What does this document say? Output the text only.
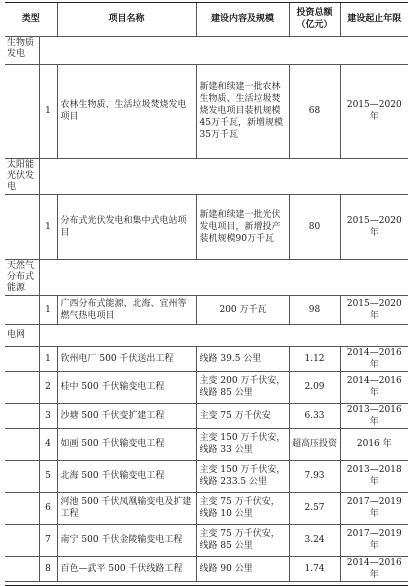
类型		项目名称	建设内容及规模	投资总额（亿元）	建设起止年限
生物质发电					
	1	农林生物质、生活垃圾焚烧发电项目	新建和续建一批农林生物质、生活垃圾焚烧发电项目装机规模45万千瓦，新增规模35万千瓦	68	2015—2020 年
太阳能光伏发电					
	1	分布式光伏发电和集中式电站项目	新建和续建一批光伏发电项目，新增投产装机规模90万千瓦	80	2015—2020 年
天然气分布式能源					
	1	广西分布式能源、北海、宜州等燃气热电项目	200 万千瓦	98	2015—2020 年
电网					
	1	钦州电厂 500 千伏送出工程	线路 39.5 公里	1.12	2014—2016 年
	2	桂中 500 千伏输变电工程	主变 200 万千伏安，线路 85 公里	2.09	2014—2016 年
	3	沙塘 500 千伏变扩建工程	主变 75 万千伏安	6.33	2013—2016 年
	4	如画 500 千伏输变电工程	主变 150 万千伏安，线路 33 公里	超高压投资	2016 年
	5	北海 500 千伏输变电工程	主变 150 万千伏安，线路 233.5 公里	7.93	2013—2018 年
	6	河池 500 千伏凤凰输变电及扩建工程	主变 75 万千伏安，线路 10 公里	2.57	2017—2019 年
	7	南宁 500 千伏金陵输变电工程	主变 75 万千伏安，线路 85 公里	3.24	2017—2019 年
	8	百色—武平 500 千伏线路工程	线路 90 公里	1.74	2014—2016 年
